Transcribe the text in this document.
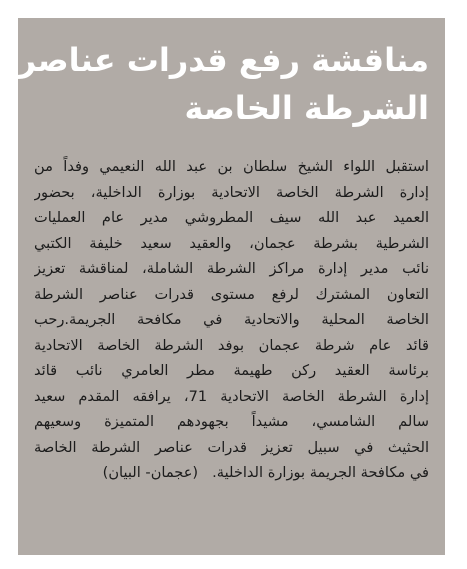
مناقشة رفع قدرات عناصر
الشرطة الخاصة
استقبل اللواء الشيخ سلطان بن عبد الله النعيمي وفداً من
إدارة الشرطة الخاصة الاتحادية بوزارة الداخلية، بحضور
العميد عبد الله سيف المطروشي مدير عام العمليات
الشرطية بشرطة عجمان، والعقيد سعيد خليفة الكتبي
نائب مدير إدارة مراكز الشرطة الشاملة، لمناقشة تعزيز
التعاون المشترك لرفع مستوى قدرات عناصر الشرطة
الخاصة المحلية والاتحادية في مكافحة الجريمة.رحب
قائد عام شرطة عجمان بوفد الشرطة الخاصة الاتحادية
برئاسة العقيد ركن طهيمة مطر العامري نائب قائد
إدارة الشرطة الخاصة الاتحادية 71، يرافقه المقدم سعيد
سالم الشامسي، مشيداً بجهودهم المتميزة وسعيهم
الحثيث في سبيل تعزيز قدرات عناصر الشرطة الخاصة
في مكافحة الجريمة بوزارة الداخلية.(عجمان- البيان)
